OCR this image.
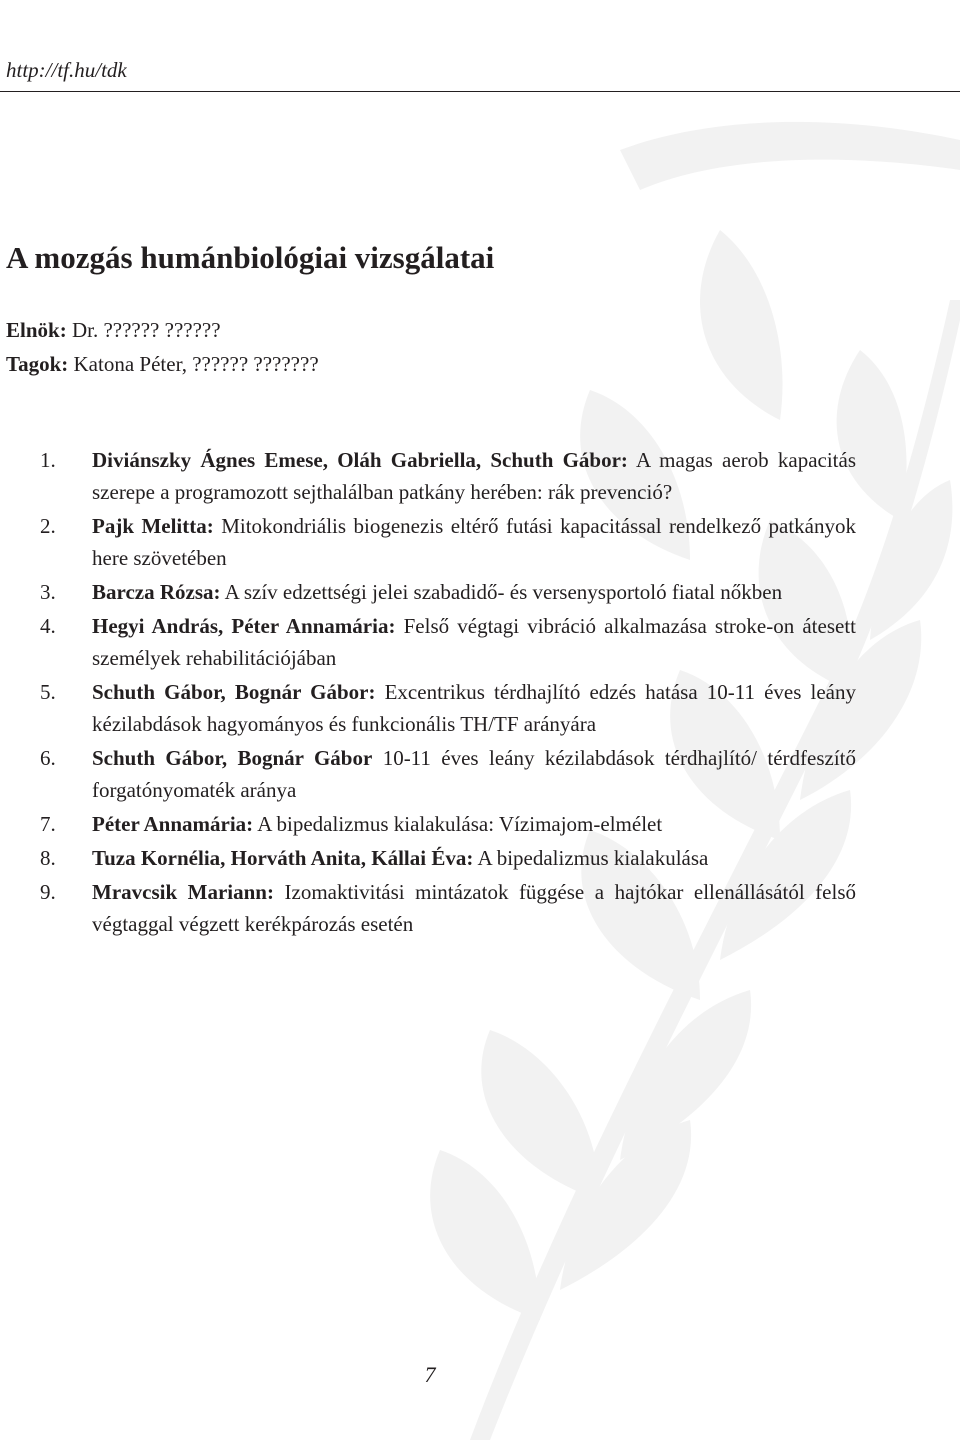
http://tf.hu/tdk
A mozgás humánbiológiai vizsgálatai
Elnök: Dr. ?????? ??????
Tagok: Katona Péter, ?????? ???????
1.	Diviánszky Ágnes Emese, Oláh Gabriella, Schuth Gábor: A magas aerob kapacitás szerepe a programozott sejthalálban patkány herében: rák prevenció?
2.	Pajk Melitta: Mitokondriális biogenezis eltérő futási kapacitással rendelkező patkányok here szövetében
3.	Barcza Rózsa: A szív edzettségi jelei szabadidő- és versenysportoló fiatal nőkben
4.	Hegyi András, Péter Annamária: Felső végtagi vibráció alkalmazása stroke-on átesett személyek rehabilitációjában
5.	Schuth Gábor, Bognár Gábor: Excentrikus térdhajlító edzés hatása 10-11 éves leány kézilabdások hagyományos és funkcionális TH/TF arányára
6.	Schuth Gábor, Bognár Gábor 10-11 éves leány kézilabdások térdhajlító/ térdfeszítő forgatónyomaték aránya
7.	Péter Annamária: A bipedalizmus kialakulása: Vízimajom-elmélet
8.	Tuza Kornélia, Horváth Anita, Kállai Éva: A bipedalizmus kialakulása
9.	Mravcsik Mariann: Izomaktivitási mintázatok függése a hajtókar ellenállásától felső végtaggal végzett kerékpározás esetén
7
